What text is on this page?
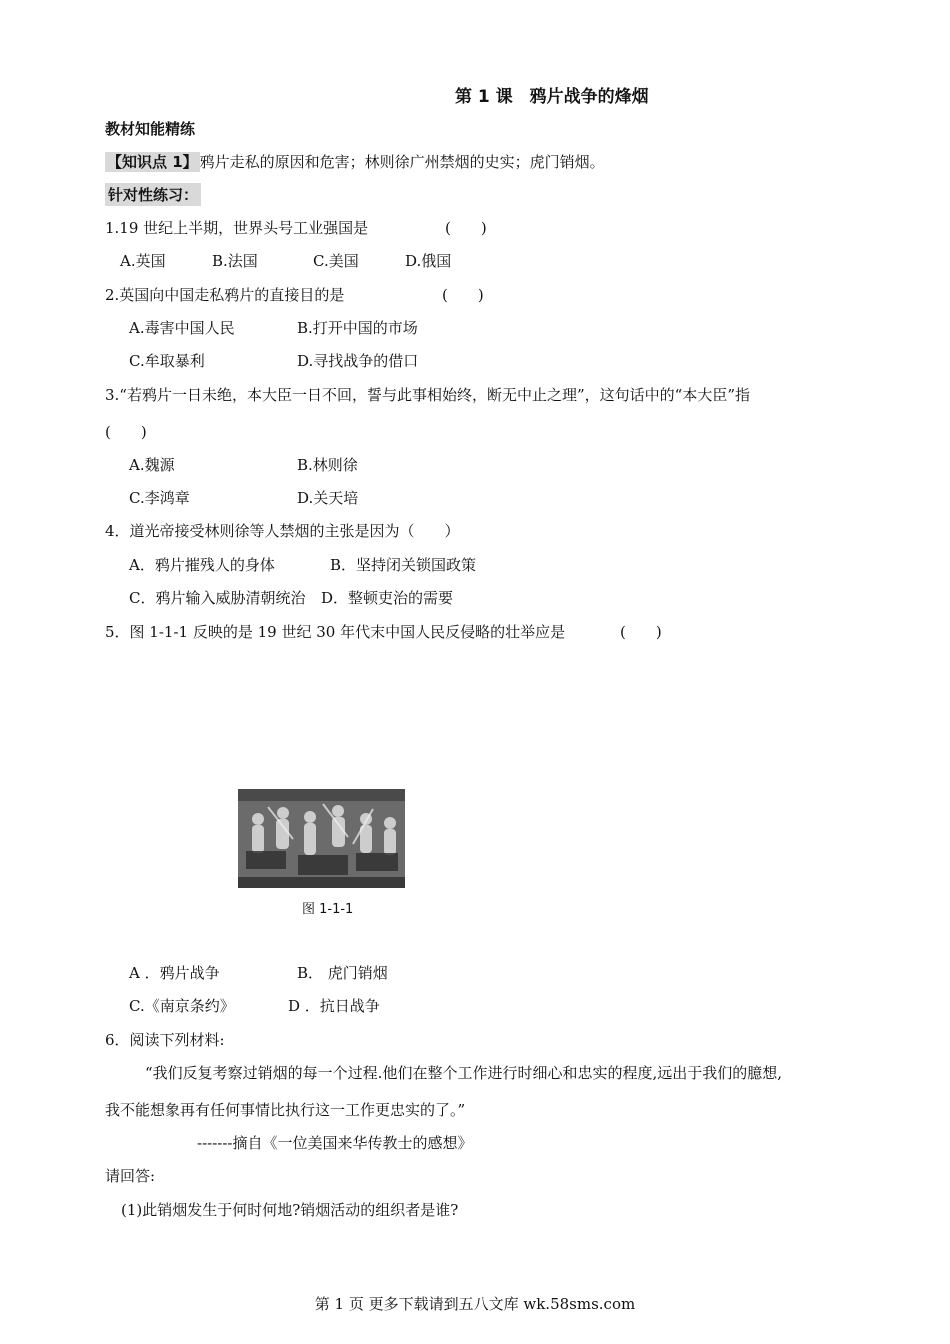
第 1 课　鸦片战争的烽烟
教材知能精练
【知识点 1】 鸦片走私的原因和危害；林则徐广州禁烟的史实；虎门销烟。
针对性练习：
1.19 世纪上半期，世界头号工业强国是	(　　)
A.英国	B.法国	C.美国	D.俄国
2.英国向中国走私鸦片的直接目的是	(　　)
A.毒害中国人民	B.打开中国的市场
C.牟取暴利	D.寻找战争的借口
3.“若鸦片一日未绝，本大臣一日不回，誓与此事相始终，断无中止之理”，这句话中的“本大臣”指
(　　)
A.魏源	B.林则徐
C.李鸿章	D.关天培
4．道光帝接受林则徐等人禁烟的主张是因为（　　）
A．鸦片摧残人的身体	B．坚持闭关锁国政策
C．鸦片输入威胁清朝统治 D．整顿吏治的需要
5．图 1-1-1 反映的是 19 世纪 30 年代末中国人民反侵略的壮举应是	(　　)
图 1-1-1
A ．鸦片战争	B． 虎门销烟
C.《南京条约》	D ．抗日战争
6．阅读下列材料:
“我们反复考察过销烟的每一个过程.他们在整个工作进行时细心和忠实的程度,远出于我们的臆想,
我不能想象再有任何事情比执行这一工作更忠实的了。”
-------摘自《一位美国来华传教士的感想》
请回答:
(1)此销烟发生于何时何地?销烟活动的组织者是谁?
第 1 页 更多下载请到五八文库 wk.58sms.com
